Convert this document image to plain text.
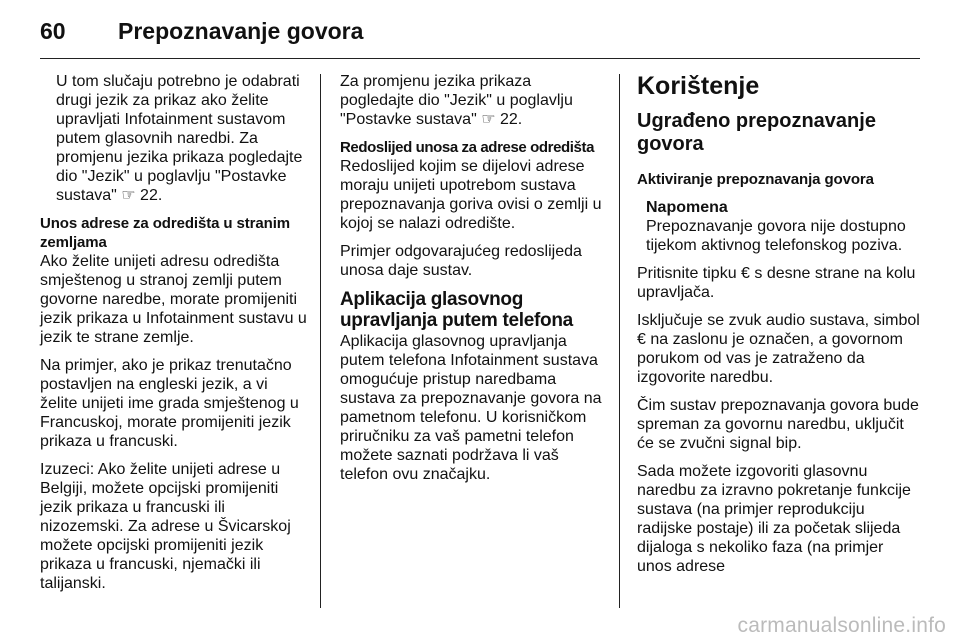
60 Prepoznavanje govora

U tom slučaju potrebno je odabrati drugi jezik za prikaz ako želite upravljati Infotainment sustavom putem glasovnih naredbi. Za promjenu jezika prikaza pogledajte dio "Jezik" u poglavlju "Postavke sustava" ☞ 22.

Unos adrese za odredišta u stranim zemljama
Ako želite unijeti adresu odredišta smještenog u stranoj zemlji putem govorne naredbe, morate promijeniti jezik prikaza u Infotainment sustavu u jezik te strane zemlje.

Na primjer, ako je prikaz trenutačno postavljen na engleski jezik, a vi želite unijeti ime grada smještenog u Francuskoj, morate promijeniti jezik prikaza u francuski.

Izuzeci: Ako želite unijeti adrese u Belgiji, možete opcijski promijeniti jezik prikaza u francuski ili nizozemski. Za adrese u Švicarskoj možete opcijski promijeniti jezik prikaza u francuski, njemački ili talijanski.

Za promjenu jezika prikaza pogledajte dio "Jezik" u poglavlju "Postavke sustava" ☞ 22.

Redoslijed unosa za adrese odredišta
Redoslijed kojim se dijelovi adrese moraju unijeti upotrebom sustava prepoznavanja goriva ovisi o zemlji u kojoj se nalazi odredište.

Primjer odgovarajućeg redoslijeda unosa daje sustav.

Aplikacija glasovnog upravljanja putem telefona

Aplikacija glasovnog upravljanja putem telefona Infotainment sustava omogućuje pristup naredbama sustava za prepoznavanje govora na pametnom telefonu. U korisničkom priručniku za vaš pametni telefon možete saznati podržava li vaš telefon ovu značajku.

Korištenje
Ugrađeno prepoznavanje govora

Aktiviranje prepoznavanja govora

Napomena
Prepoznavanje govora nije dostupno tijekom aktivnog telefonskog poziva.

Pritisnite tipku € s desne strane na kolu upravljača.

Isključuje se zvuk audio sustava, simbol € na zaslonu je označen, a govornom porukom od vas je zatraženo da izgovorite naredbu.

Čim sustav prepoznavanja govora bude spreman za govornu naredbu, uključit će se zvučni signal bip.

Sada možete izgovoriti glasovnu naredbu za izravno pokretanje funkcije sustava (na primjer reprodukciju radijske postaje) ili za početak slijeda dijaloga s nekoliko faza (na primjer unos adrese

carmanualsonline.info
